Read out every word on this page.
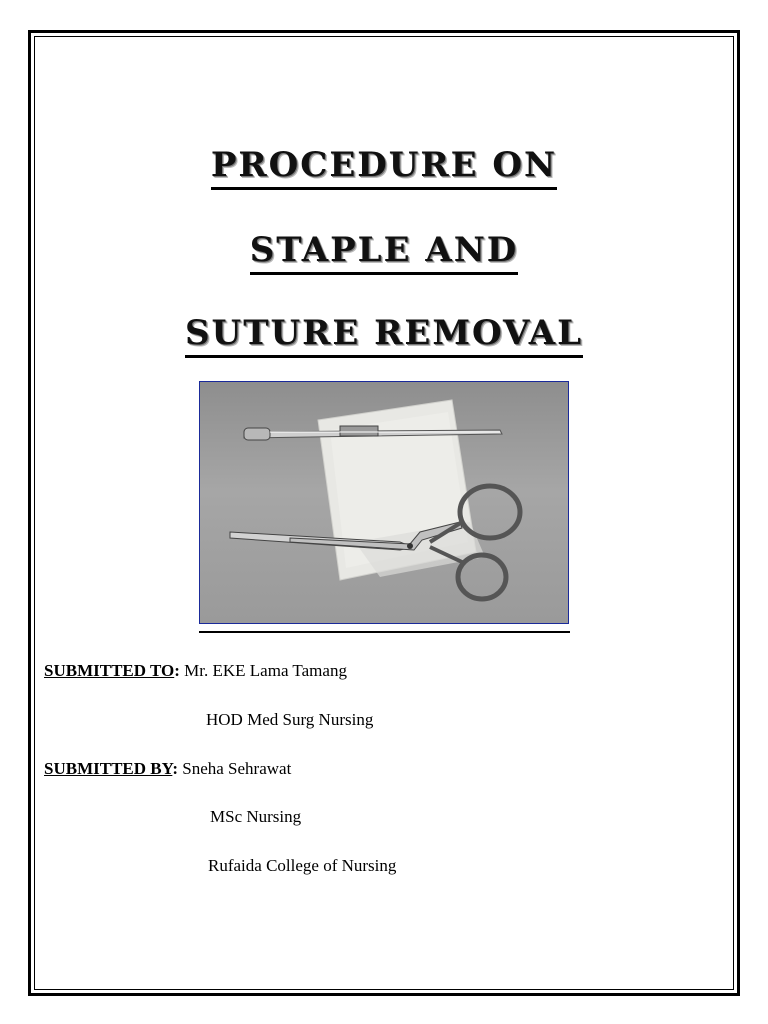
PROCEDURE ON
STAPLE AND
SUTURE REMOVAL
SUBMITTED TO: Mr. EKE Lama Tamang
HOD Med Surg Nursing
SUBMITTED BY: Sneha Sehrawat
MSc Nursing
Rufaida College of Nursing
